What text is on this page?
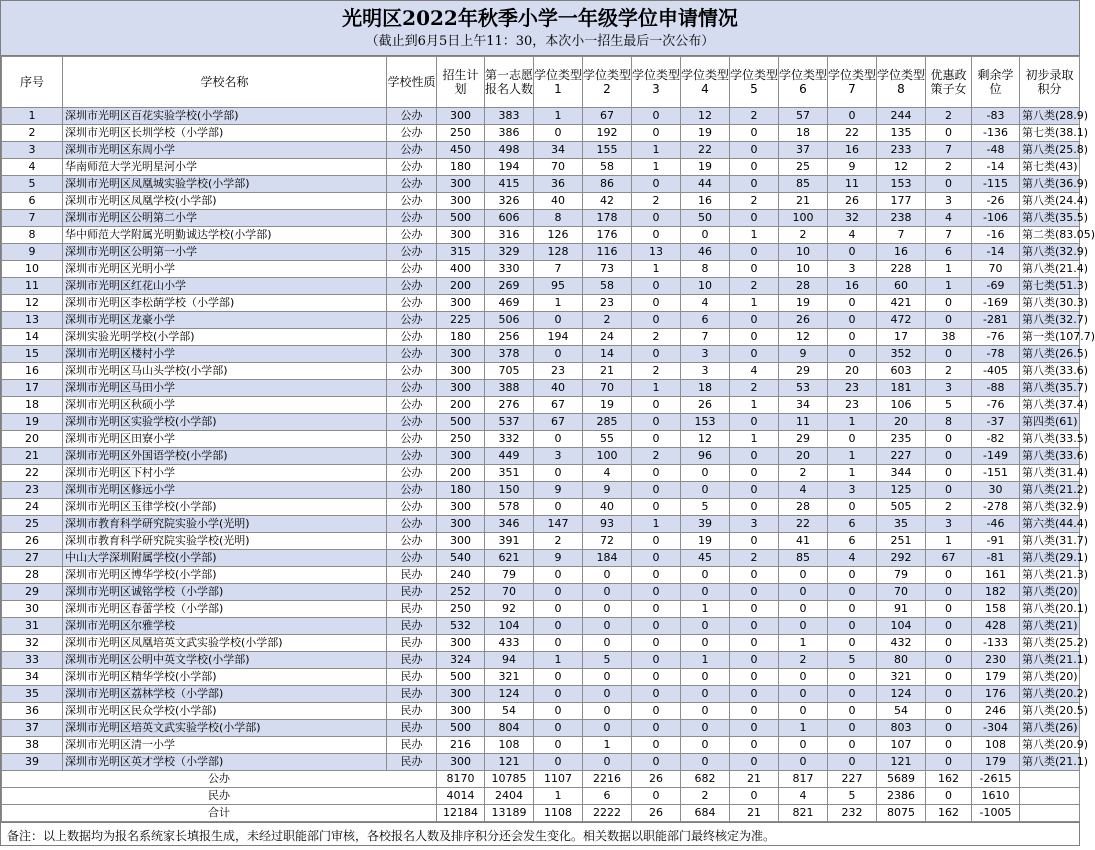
光明区2022年秋季小学一年级学位申请情况
（截止到6月5日上午11：30，本次小一招生最后一次公布）
序号	学校名称	学校性质	招生计划	第一志愿报名人数	学位类型1	学位类型2	学位类型3	学位类型4	学位类型5	学位类型6	学位类型7	学位类型8	优惠政策子女	剩余学位	初步录取积分
1	深圳市光明区百花实验学校(小学部)	公办	300	383	1	67	0	12	2	57	0	244	2	-83	第八类(28.9)
2	深圳市光明区长圳学校（小学部)	公办	250	386	0	192	0	19	0	18	22	135	0	-136	第七类(38.1)
3	深圳市光明区东周小学	公办	450	498	34	155	1	22	0	37	16	233	7	-48	第八类(25.8)
4	华南师范大学光明星河小学	公办	180	194	70	58	1	19	0	25	9	12	2	-14	第七类(43)
5	深圳市光明区凤凰城实验学校(小学部)	公办	300	415	36	86	0	44	0	85	11	153	0	-115	第八类(36.9)
6	深圳市光明区凤凰学校(小学部)	公办	300	326	40	42	2	16	2	21	26	177	3	-26	第八类(24.4)
7	深圳市光明区公明第二小学	公办	500	606	8	178	0	50	0	100	32	238	4	-106	第八类(35.5)
8	华中师范大学附属光明勤诚达学校(小学部)	公办	300	316	126	176	0	0	1	2	4	7	7	-16	第二类(83.05)
9	深圳市光明区公明第一小学	公办	315	329	128	116	13	46	0	10	0	16	6	-14	第八类(32.9)
10	深圳市光明区光明小学	公办	400	330	7	73	1	8	0	10	3	228	1	70	第八类(21.4)
11	深圳市光明区红花山小学	公办	200	269	95	58	0	10	2	28	16	60	1	-69	第七类(51.3)
12	深圳市光明区李松蓢学校（小学部)	公办	300	469	1	23	0	4	1	19	0	421	0	-169	第八类(30.3)
13	深圳市光明区龙豪小学	公办	225	506	0	2	0	6	0	26	0	472	0	-281	第八类(32.7)
14	深圳实验光明学校(小学部)	公办	180	256	194	24	2	7	0	12	0	17	38	-76	第一类(107.7)
15	深圳市光明区楼村小学	公办	300	378	0	14	0	3	0	9	0	352	0	-78	第八类(26.5)
16	深圳市光明区马山头学校(小学部)	公办	300	705	23	21	2	3	4	29	20	603	2	-405	第八类(33.6)
17	深圳市光明区马田小学	公办	300	388	40	70	1	18	2	53	23	181	3	-88	第八类(35.7)
18	深圳市光明区秋硕小学	公办	200	276	67	19	0	26	1	34	23	106	5	-76	第八类(37.4)
19	深圳市光明区实验学校(小学部)	公办	500	537	67	285	0	153	0	11	1	20	8	-37	第四类(61)
20	深圳市光明区田寮小学	公办	250	332	0	55	0	12	1	29	0	235	0	-82	第八类(33.5)
21	深圳市光明区外国语学校(小学部)	公办	300	449	3	100	2	96	0	20	1	227	0	-149	第八类(33.6)
22	深圳市光明区下村小学	公办	200	351	0	4	0	0	0	2	1	344	0	-151	第八类(31.4)
23	深圳市光明区修远小学	公办	180	150	9	9	0	0	0	4	3	125	0	30	第八类(21.2)
24	深圳市光明区玉律学校(小学部)	公办	300	578	0	40	0	5	0	28	0	505	2	-278	第八类(32.9)
25	深圳市教育科学研究院实验小学(光明)	公办	300	346	147	93	1	39	3	22	6	35	3	-46	第六类(44.4)
26	深圳市教育科学研究院实验学校(光明)	公办	300	391	2	72	0	19	0	41	6	251	1	-91	第八类(31.7)
27	中山大学深圳附属学校(小学部)	公办	540	621	9	184	0	45	2	85	4	292	67	-81	第八类(29.1)
28	深圳市光明区博华学校(小学部)	民办	240	79	0	0	0	0	0	0	0	79	0	161	第八类(21.3)
29	深圳市光明区诚铭学校（小学部)	民办	252	70	0	0	0	0	0	0	0	70	0	182	第八类(20)
30	深圳市光明区春蕾学校（小学部)	民办	250	92	0	0	0	1	0	0	0	91	0	158	第八类(20.1)
31	深圳市光明区尔雅学校	民办	532	104	0	0	0	0	0	0	0	104	0	428	第八类(21)
32	深圳市光明区凤凰培英文武实验学校(小学部)	民办	300	433	0	0	0	0	0	1	0	432	0	-133	第八类(25.2)
33	深圳市光明区公明中英文学校(小学部)	民办	324	94	1	5	0	1	0	2	5	80	0	230	第八类(21.1)
34	深圳市光明区精华学校(小学部)	民办	500	321	0	0	0	0	0	0	0	321	0	179	第八类(20)
35	深圳市光明区荔林学校（小学部)	民办	300	124	0	0	0	0	0	0	0	124	0	176	第八类(20.2)
36	深圳市光明区民众学校(小学部)	民办	300	54	0	0	0	0	0	0	0	54	0	246	第八类(20.5)
37	深圳市光明区培英文武实验学校(小学部)	民办	500	804	0	0	0	0	0	1	0	803	0	-304	第八类(26)
38	深圳市光明区清一小学	民办	216	108	0	1	0	0	0	0	0	107	0	108	第八类(20.9)
39	深圳市光明区英才学校（小学部)	民办	300	121	0	0	0	0	0	0	0	121	0	179	第八类(21.1)
公办			8170	10785	1107	2216	26	682	21	817	227	5689	162	-2615	
民办			4014	2404	1	6	0	2	0	4	5	2386	0	1610	
合计			12184	13189	1108	2222	26	684	21	821	232	8075	162	-1005	
备注：以上数据均为报名系统家长填报生成，未经过职能部门审核，各校报名人数及排序积分还会发生变化。相关数据以职能部门最终核定为准。
